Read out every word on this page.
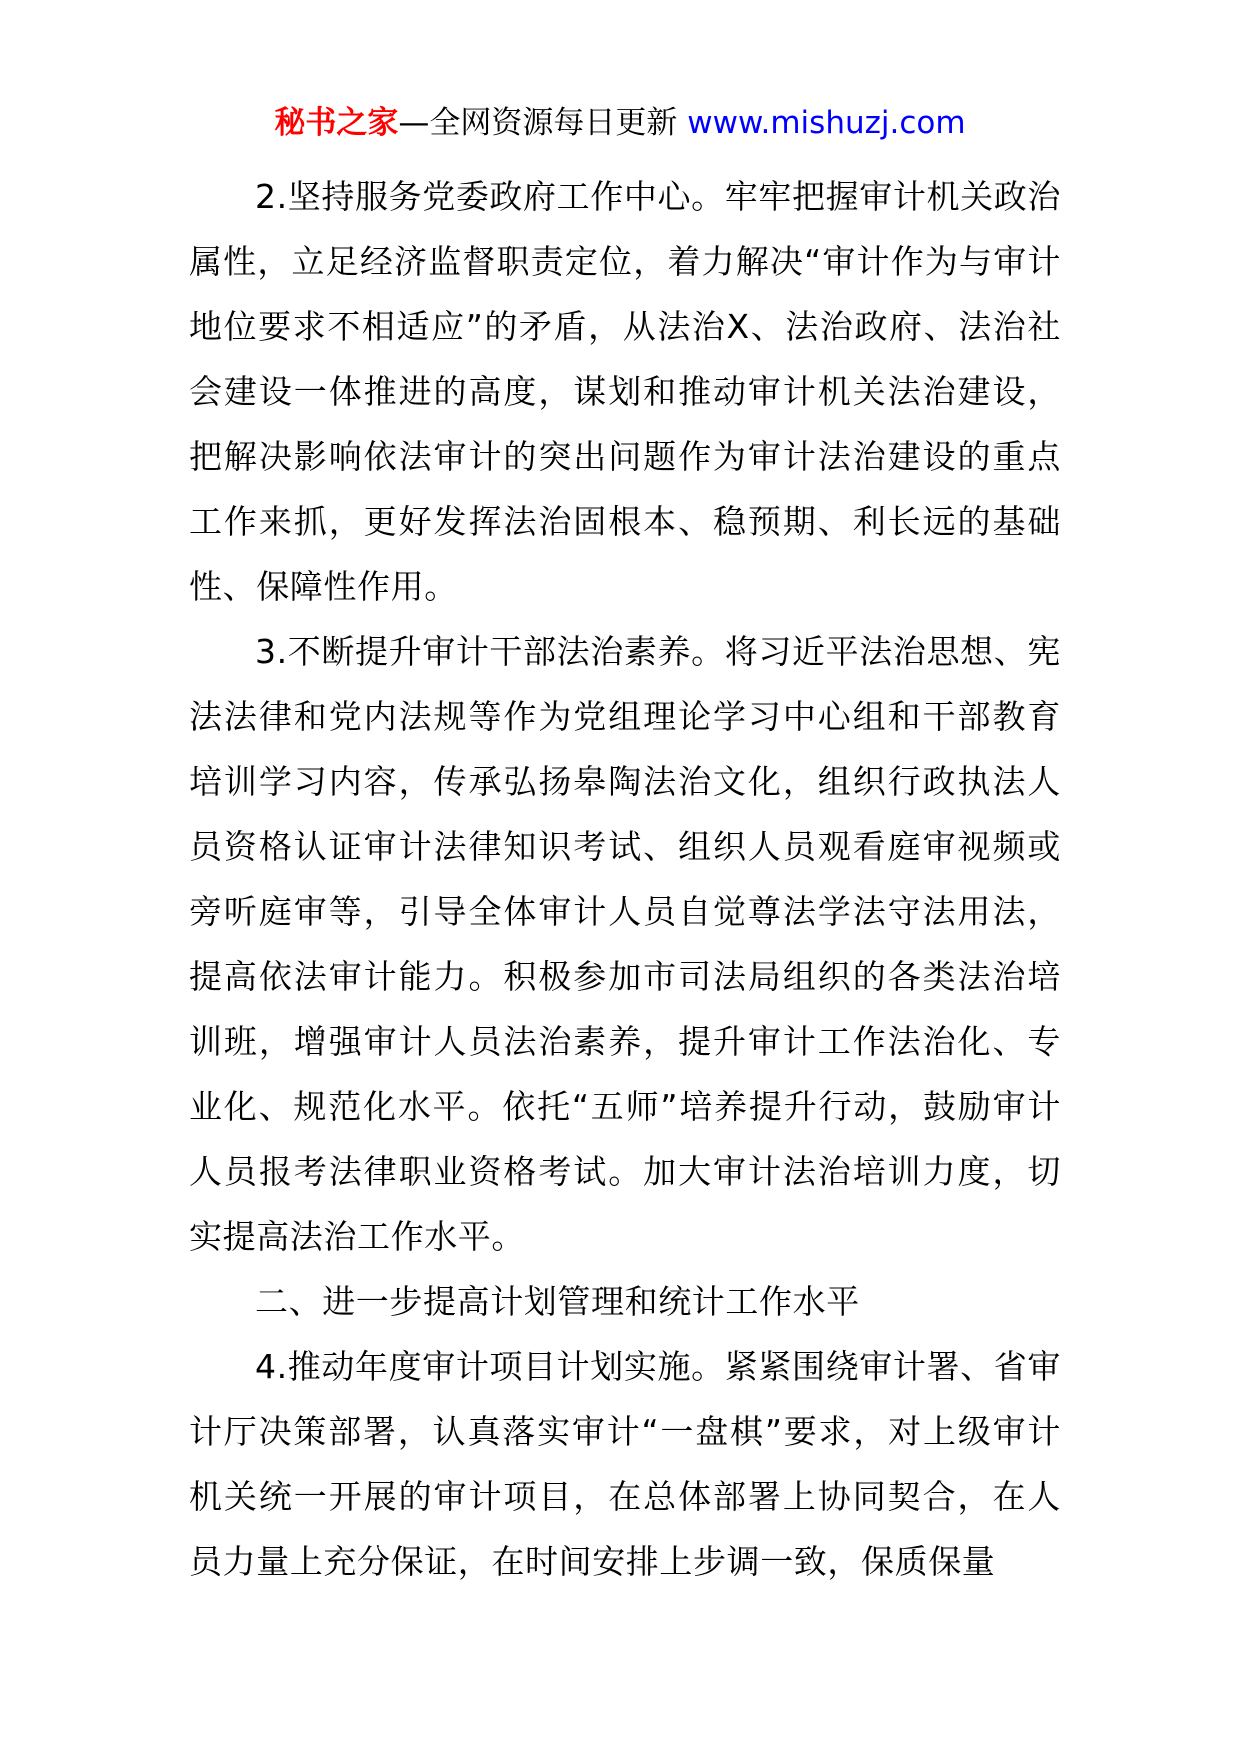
秘书之家—全网资源每日更新 www.mishuzj.com

2.坚持服务党委政府工作中心。牢牢把握审计机关政治属性，立足经济监督职责定位，着力解决“审计作为与审计地位要求不相适应”的矛盾，从法治X、法治政府、法治社会建设一体推进的高度，谋划和推动审计机关法治建设，把解决影响依法审计的突出问题作为审计法治建设的重点工作来抓，更好发挥法治固根本、稳预期、利长远的基础性、保障性作用。

3.不断提升审计干部法治素养。将习近平法治思想、宪法法律和党内法规等作为党组理论学习中心组和干部教育培训学习内容，传承弘扬皋陶法治文化，组织行政执法人员资格认证审计法律知识考试、组织人员观看庭审视频或旁听庭审等，引导全体审计人员自觉尊法学法守法用法，提高依法审计能力。积极参加市司法局组织的各类法治培训班，增强审计人员法治素养，提升审计工作法治化、专业化、规范化水平。依托“五师”培养提升行动，鼓励审计人员报考法律职业资格考试。加大审计法治培训力度，切实提高法治工作水平。

二、进一步提高计划管理和统计工作水平

4.推动年度审计项目计划实施。紧紧围绕审计署、省审计厅决策部署，认真落实审计“一盘棋”要求，对上级审计机关统一开展的审计项目，在总体部署上协同契合，在人员力量上充分保证，在时间安排上步调一致，保质保量
